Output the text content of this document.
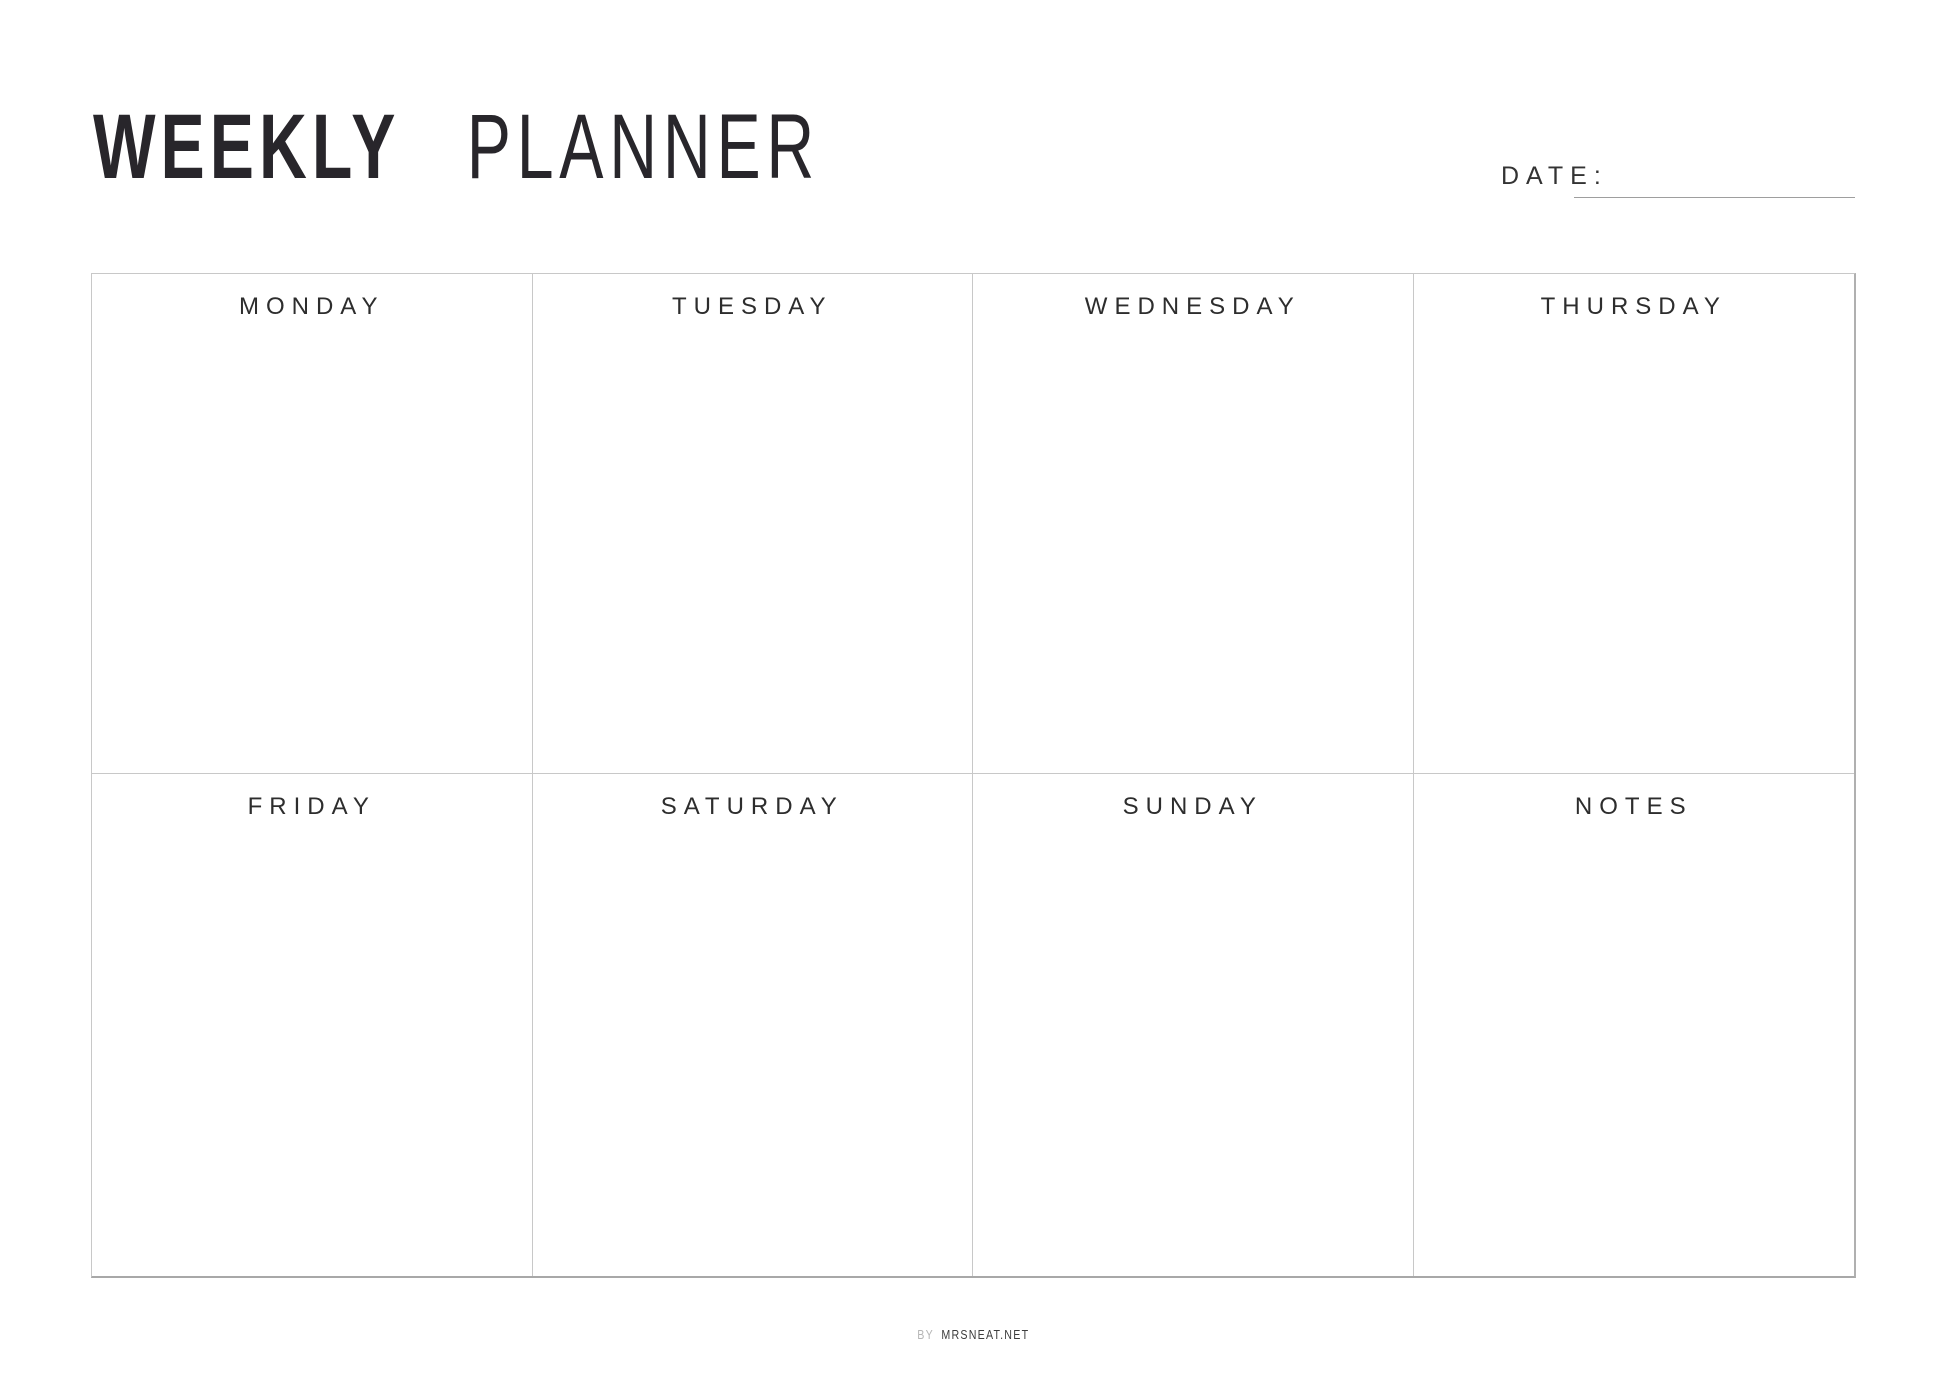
WEEKLY PLANNER	DATE:
MONDAY	TUESDAY	WEDNESDAY	THURSDAY
FRIDAY	SATURDAY	SUNDAY	NOTES
BY MRSNEAT.NET
